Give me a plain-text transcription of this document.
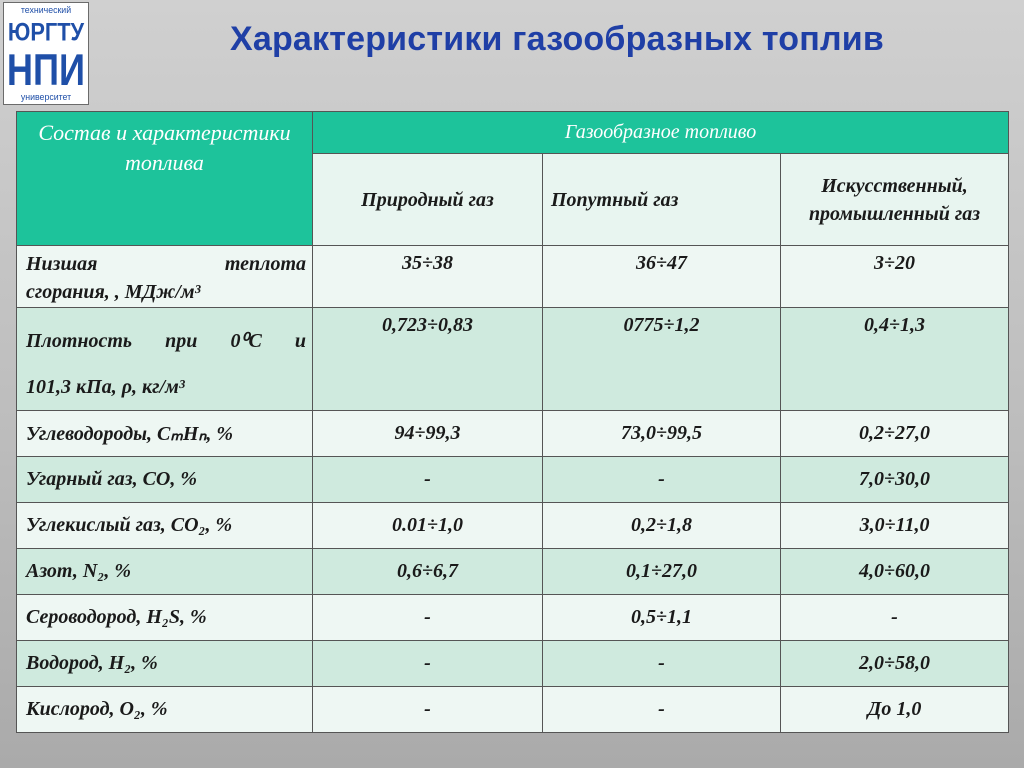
технический
ЮРГТУ
НПИ
университет
Характеристики газообразных топлив
Состав и характеристики топлива	Газообразное топливо		
	Природный газ	Попутный газ	Искусственный, промышленный газ

Низшая теплота
сгорания, , МДж/м³	35÷38	36÷47	3÷20

Плотность при 0⁰С и
101,3 кПа, ρ, кг/м³	0,723÷0,83	0775÷1,2	0,4÷1,3
Углеводороды, CₘHₙ, %	94÷99,3	73,0÷99,5	0,2÷27,0
Угарный газ, CO, %	-	-	7,0÷30,0
Углекислый газ, CO₂, %	0.01÷1,0	0,2÷1,8	3,0÷11,0
Азот, N₂, %	0,6÷6,7	0,1÷27,0	4,0÷60,0
Сероводород, H₂S, %	-	0,5÷1,1	-
Водород, H₂, %	-	-	2,0÷58,0
Кислород, O₂, %	-	-	До 1,0
